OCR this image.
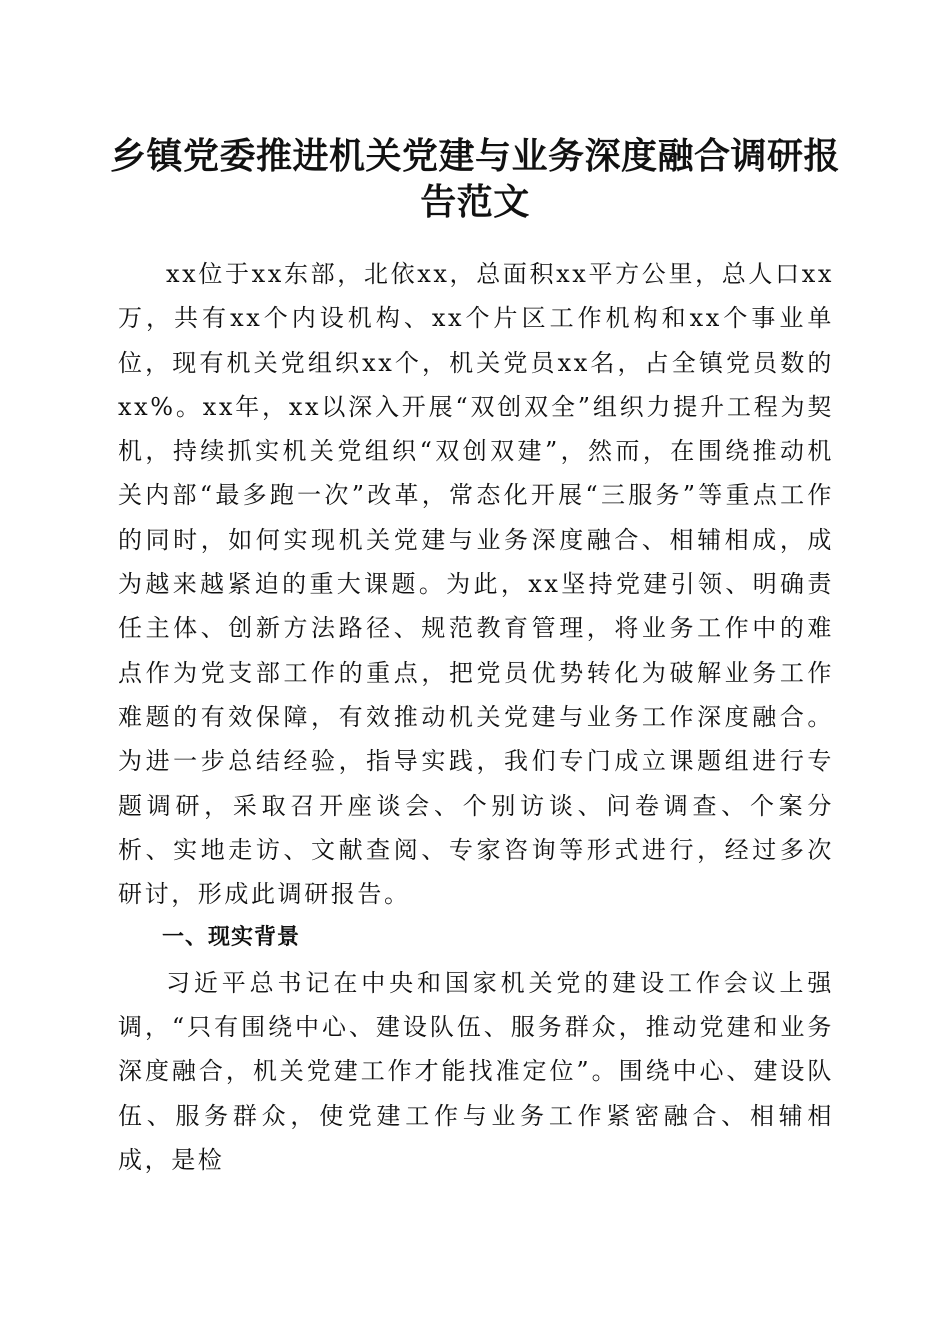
乡镇党委推进机关党建与业务深度融合调研报告范文

xx位于xx东部，北依xx，总面积xx平方公里，总人口xx万，共有xx个内设机构、xx个片区工作机构和xx个事业单位，现有机关党组织xx个，机关党员xx名，占全镇党员数的xx%。xx年，xx以深入开展“双创双全”组织力提升工程为契机，持续抓实机关党组织“双创双建”，然而，在围绕推动机关内部“最多跑一次”改革，常态化开展“三服务”等重点工作的同时，如何实现机关党建与业务深度融合、相辅相成，成为越来越紧迫的重大课题。为此，xx坚持党建引领、明确责任主体、创新方法路径、规范教育管理，将业务工作中的难点作为党支部工作的重点，把党员优势转化为破解业务工作难题的有效保障，有效推动机关党建与业务工作深度融合。为进一步总结经验，指导实践，我们专门成立课题组进行专题调研，采取召开座谈会、个别访谈、问卷调查、个案分析、实地走访、文献查阅、专家咨询等形式进行，经过多次研讨，形成此调研报告。

一、现实背景

习近平总书记在中央和国家机关党的建设工作会议上强调，“只有围绕中心、建设队伍、服务群众，推动党建和业务深度融合，机关党建工作才能找准定位”。围绕中心、建设队伍、服务群众，使党建工作与业务工作紧密融合、相辅相成，是检
